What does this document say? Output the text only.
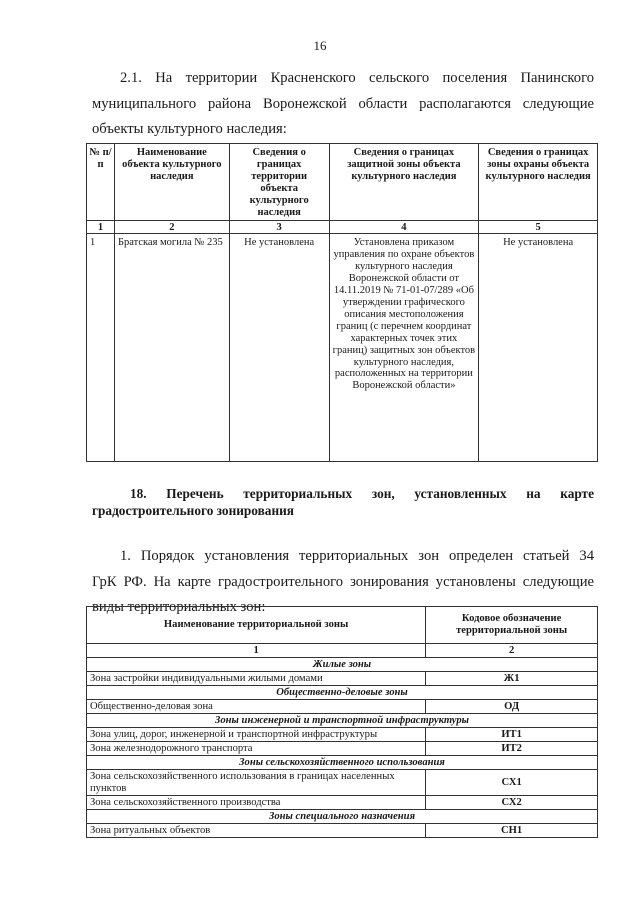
16
2.1. На территории Красненского сельского поселения Панинского
муниципального района Воронежской области располагаются следующие
объекты культурного наследия:
№ п/п	Наименование объекта культурного наследия	Сведения о границах территории объекта культурного наследия	Сведения о границах защитной зоны объекта культурного наследия	Сведения о границах зоны охраны объекта культурного наследия
1	2	3	4	5
1	Братская могила № 235	Не установлена	Установлена приказом управления по охране объектов культурного наследия Воронежской области от 14.11.2019 № 71-01-07/289 «Об утверждении графического описания местоположения границ (с перечнем координат характерных точек этих границ) защитных зон объектов культурного наследия, расположенных на территории Воронежской области»	Не установлена
18. Перечень территориальных зон, установленных на карте
градостроительного зонирования
1. Порядок установления территориальных зон определен статьей 34
ГрК РФ. На карте градостроительного зонирования установлены следующие
виды территориальных зон:
Наименование территориальной зоны	Кодовое обозначение территориальной зоны
1	2
Жилые зоны	
Зона застройки индивидуальными жилыми домами	Ж1
Общественно-деловые зоны	
Общественно-деловая зона	ОД
Зоны инженерной и транспортной инфраструктуры	
Зона улиц, дорог, инженерной и транспортной инфраструктуры	ИТ1
Зона железнодорожного транспорта	ИТ2
Зоны сельскохозяйственного использования	
Зона сельскохозяйственного использования в границах населенных пунктов	СХ1
Зона сельскохозяйственного производства	СХ2
Зоны специального назначения	
Зона ритуальных объектов	СН1
